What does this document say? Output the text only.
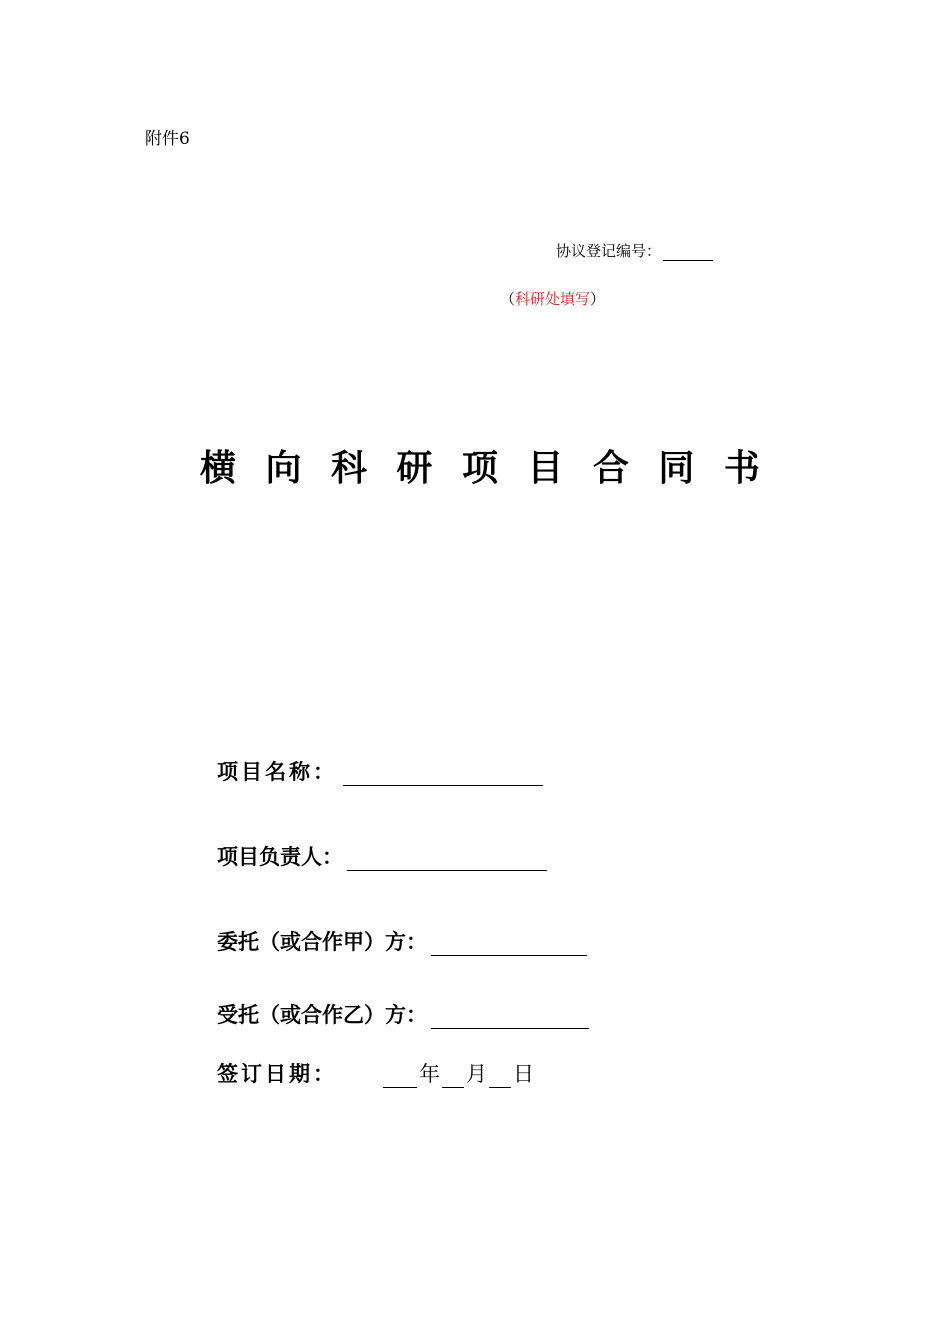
附件6
协议登记编号：
（科研处填写）
横 向 科 研 项 目 合 同 书
项目名称：
项目负责人：
委托（或合作甲）方：
受托（或合作乙）方：
签订日期：	年 月 日
